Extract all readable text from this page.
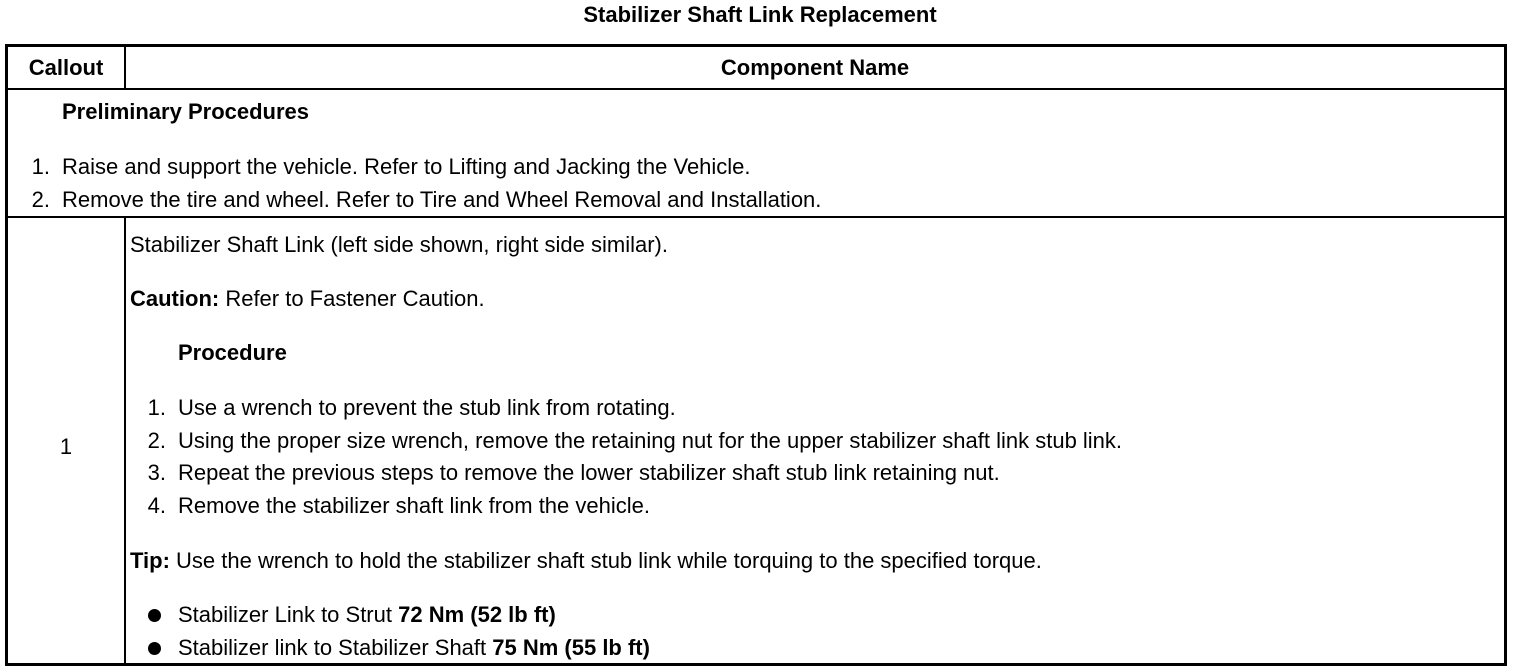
Stabilizer Shaft Link Replacement
Callout	Component Name
Preliminary Procedures
1. Raise and support the vehicle. Refer to Lifting and Jacking the Vehicle.
2. Remove the tire and wheel. Refer to Tire and Wheel Removal and Installation.
1
Stabilizer Shaft Link (left side shown, right side similar).
Caution: Refer to Fastener Caution.
Procedure
1. Use a wrench to prevent the stub link from rotating.
2. Using the proper size wrench, remove the retaining nut for the upper stabilizer shaft link stub link.
3. Repeat the previous steps to remove the lower stabilizer shaft stub link retaining nut.
4. Remove the stabilizer shaft link from the vehicle.
Tip: Use the wrench to hold the stabilizer shaft stub link while torquing to the specified torque.
Stabilizer Link to Strut 72 Nm (52 lb ft)
Stabilizer link to Stabilizer Shaft 75 Nm (55 lb ft)
